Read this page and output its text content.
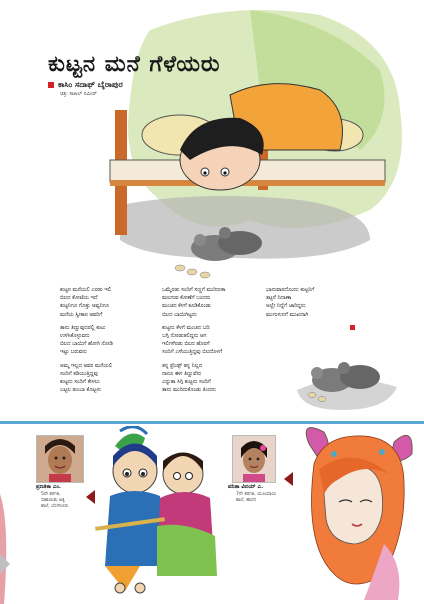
ಕುಟ್ಟನ ಮನೆ ಗೆಳೆಯರು
ಕಾಸಿಂ ಸದಾಫ್ ಬೈರಾಪುರ
ಚಿತ್ರ: ಸಾಹಿಲ್ ಸಮೀರ್

ಕುಟ್ಟನ ಮನೆಯಲಿ ಎರಡು ಇಲಿ

ಬಿಲದ ಕೋಟೆಯ ಇದೆ

ಕುಟ್ಟನಿಗೂ ಗೊತ್ತು ಅವ್ವನಿಗೂ

ಮನೆಯ ಸ್ವೀಕಾರ ಆವರಿಗೆ

ತಾನು ತಿಣ್ಣುವುದರಲ್ಲಿ ಕುಟು

ಉಳಿಸಿಕೊಳ್ಳುವನು

ಬಿಲದ ಬಾಯಿಗೆ ಹೋಗಿ ನೋಡಿ

ಇಟ್ಟು ಬರುವನು

ಅಮ್ಮ ಇಲ್ಲದ ಅವರ ಮನೆಯಲಿ

ಸಂದಿಗೆ ಕಡಿಯುತ್ತಿದ್ದವು

ಕುಟ್ಟನು ಸಂದಿಗೆ ಕೇಳಲು

ಬಟ್ಟಲ ತುಂಬಾ ಕೊಟ್ಟಳು

ಒಮ್ಮೆರಡು ಸಂದಿಗೆ ಸಣ್ಣಗೆ ಮುರಿದುಕಾ

ಮಲಗುವ ಕೋಣೆಗೆ ಬಂದನು

ಮಂಚದ ಕೆಳಗೆ ಕೂಡಿಕೊಂಡು

ಬಿಲದ ಬಾಯಿಗಿಟ್ಟನು

ಕುಟ್ಟನು ಕೆಳಗೆ ಮಂಚದ ಬದಿ

ಬಗ್ಗಿ ನೋಡುತಲಿದ್ದನು ಆಗ

ಇಲಿಗಳೆರಡು ಬಿಲದ ಹೊರಗೆ

ಸಂದಿಗೆ ಎಳೆಯುತ್ತಿದ್ದವು ಬಿಲದೊಳಗೆ

ತನ್ನ ಫ್ರೆಂಡ್ಸ್ ತನ್ನ ನಿಲ್ಲದ

ನಾನೂ ಈಗ ತಿಣ್ಣುವೆನು

ಎನ್ನುತಾ ಸಿಗ್ಗಿ ಕುಟ್ಟನು ಸಂದಿಗೆ

ತಾನು ಮುರಿದುಕೊಂಡು ತಿಂದನು

ಭಾನುವಾರದೊಂದು ಕುಟ್ಟನಿಗೆ

ತಟ್ಟನೆ ನಿದಾಣಾ

ಅಲ್ಲೇ ನಿದ್ದೆಗೆ ಜಾರಿದ್ದನು

ಮುಗುಳುನಗೆ ಮುಖದಾಗಿ

ಪ್ರಣತಿಕಾ ಎಂ.
5ನೇ ತರಗತಿ,
ಸಾಕಾಯಿತು ಅಕ್ಕಿ
ಶಾಲೆ, ಬೆಂಗಳೂರು
ವನಿತಾ ವಿನಯ್ ಎ.
7ನೇ ತರಗತಿ, ಯೂಯಾಯ
ಶಾಲೆ, ಹಾಸನ
